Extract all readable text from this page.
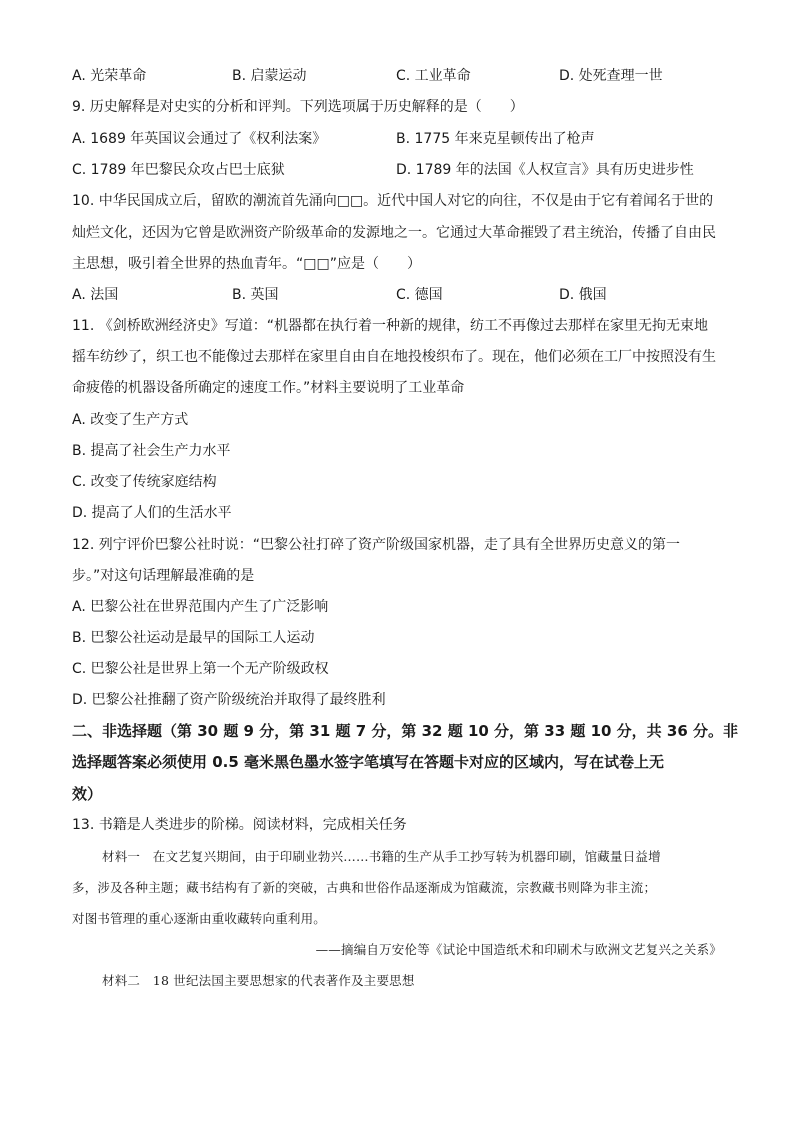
A. 光荣革命	B. 启蒙运动	C. 工业革命	D. 处死查理一世
9. 历史解释是对史实的分析和评判。下列选项属于历史解释的是（　　）
A. 1689 年英国议会通过了《权利法案》	B. 1775 年来克星顿传出了枪声
C. 1789 年巴黎民众攻占巴士底狱	D. 1789 年的法国《人权宣言》具有历史进步性
10. 中华民国成立后，留欧的潮流首先涌向□□。近代中国人对它的向往，不仅是由于它有着闻名于世的
灿烂文化，还因为它曾是欧洲资产阶级革命的发源地之一。它通过大革命摧毁了君主统治，传播了自由民
主思想，吸引着全世界的热血青年。“□□”应是（　　）
A. 法国	B. 英国	C. 德国	D. 俄国
11. 《剑桥欧洲经济史》写道：“机器都在执行着一种新的规律，纺工不再像过去那样在家里无拘无束地
摇车纺纱了，织工也不能像过去那样在家里自由自在地投梭织布了。现在，他们必须在工厂中按照没有生
命疲倦的机器设备所确定的速度工作。”材料主要说明了工业革命
A. 改变了生产方式
B. 提高了社会生产力水平
C. 改变了传统家庭结构
D. 提高了人们的生活水平
12. 列宁评价巴黎公社时说：“巴黎公社打碎了资产阶级国家机器，走了具有全世界历史意义的第一
步。”对这句话理解最准确的是
A. 巴黎公社在世界范围内产生了广泛影响
B. 巴黎公社运动是最早的国际工人运动
C. 巴黎公社是世界上第一个无产阶级政权
D. 巴黎公社推翻了资产阶级统治并取得了最终胜利
二、非选择题（第 30 题 9 分，第 31 题 7 分，第 32 题 10 分，第 33 题 10 分，共 36 分。非
选择题答案必须使用 0.5 毫米黑色墨水签字笔填写在答题卡对应的区域内，写在试卷上无
效）
13. 书籍是人类进步的阶梯。阅读材料，完成相关任务
材料一　在文艺复兴期间，由于印刷业勃兴……书籍的生产从手工抄写转为机器印刷，馆藏量日益增
多，涉及各种主题；藏书结构有了新的突破，古典和世俗作品逐渐成为馆藏流，宗教藏书则降为非主流；
对图书管理的重心逐渐由重收藏转向重利用。
——摘编自万安伦等《试论中国造纸术和印刷术与欧洲文艺复兴之关系》
材料二　18 世纪法国主要思想家的代表著作及主要思想
